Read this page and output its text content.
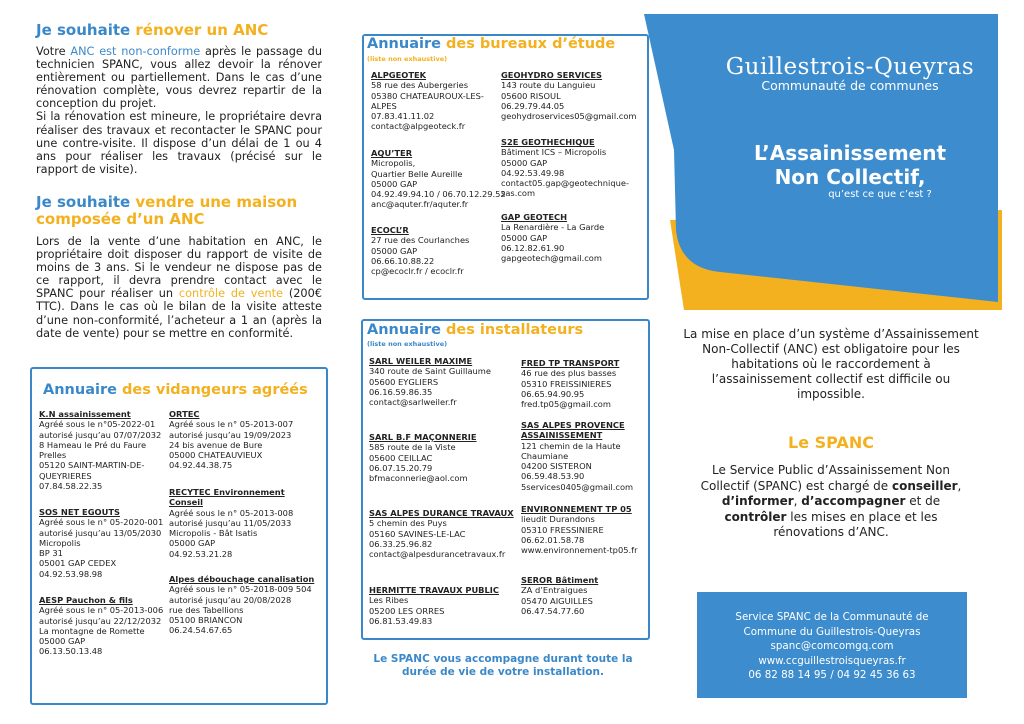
Je souhaite rénover un ANC

Votre ANC est non-conforme après le passage du technicien SPANC, vous allez devoir la rénover entièrement ou partiellement. Dans le cas d’une rénovation complète, vous devrez repartir de la conception du projet.

Si la rénovation est mineure, le propriétaire devra réaliser des travaux et recontacter le SPANC pour une contre-visite. Il dispose d’un délai de 1 ou 4 ans pour réaliser les travaux (précisé sur le rapport de visite).

Je souhaite vendre une maison composée d’un ANC

Lors de la vente d’une habitation en ANC, le propriétaire doit disposer du rapport de visite de moins de 3 ans. Si le vendeur ne dispose pas de ce rapport, il devra prendre contact avec le SPANC pour réaliser un contrôle de vente (200€ TTC). Dans le cas où le bilan de la visite atteste d’une non-conformité, l’acheteur a 1 an (après la date de vente) pour se mettre en conformité.

Annuaire des vidangeurs agréés
K.N assainissement
Agréé sous le n°05-2022-01
autorisé jusqu’au 07/07/2032
8 Hameau le Pré du Faure
Prelles
05120 SAINT-MARTIN-DE-
QUEYRIERES
07.84.58.22.35
SOS NET EGOUTS
Agréé sous le n° 05-2020-001
autorisé jusqu’au 13/05/2030
Micropolis
BP 31
05001 GAP CEDEX
04.92.53.98.98
AESP Pauchon & fils
Agréé sous le n° 05-2013-006
autorisé jusqu’au 22/12/2032
La montagne de Romette
05000 GAP
06.13.50.13.48
ORTEC
Agréé sous le n° 05-2013-007
autorisé jusqu’au 19/09/2023
24 bis avenue de Bure
05000 CHATEAUVIEUX
04.92.44.38.75
RECYTEC Environnement Conseil
Agréé sous le n° 05-2013-008
autorisé jusqu’au 11/05/2033
Micropolis - Bât Isatis
05000 GAP
04.92.53.21.28
Alpes débouchage canalisation
Agréé sous le n° 05-2018-009 504
autorisé jusqu’au 20/08/2028
rue des Tabellions
05100 BRIANCON
06.24.54.67.65
Annuaire des bureaux d’étude
(liste non exhaustive)
ALPGEOTEK
58 rue des Aubergeries
05380 CHATEAUROUX-LES-
ALPES
07.83.41.11.02
contact@alpgeoteck.fr
AQU’TER
Micropolis,
Quartier Belle Aureille
05000 GAP
04.92.49.94.10 / 06.70.12.29.52
anc@aquter.fr/aquter.fr
ECOCL’R
27 rue des Courlanches
05000 GAP
06.66.10.88.22
cp@ecoclr.fr / ecoclr.fr
GEOHYDRO SERVICES
143 route du Languieu
05600 RISOUL
06.29.79.44.05
geohydroservices05@gmail.com
S2E GEOTHECHIQUE
Bâtiment ICS – Micropolis
05000 GAP
04.92.53.49.98
contact05.gap@geotechnique-
sas.com
GAP GEOTECH
La Renardière - La Garde
05000 GAP
06.12.82.61.90
gapgeotech@gmail.com
Annuaire des installateurs
(liste non exhaustive)
SARL WEILER MAXIME
340 route de Saint Guillaume
05600 EYGLIERS
06.16.59.86.35
contact@sarlweiler.fr
SARL B.F MAÇONNERIE
585 route de la Viste
05600 CEILLAC
06.07.15.20.79
bfmaconnerie@aol.com
SAS ALPES DURANCE TRAVAUX
5 chemin des Puys
05160 SAVINES-LE-LAC
06.33.25.96.82
contact@alpesdurancetravaux.fr
HERMITTE TRAVAUX PUBLIC
Les Ribes
05200 LES ORRES
06.81.53.49.83
FRED TP TRANSPORT
46 rue des plus basses
05310 FREISSINIERES
06.65.94.90.95
fred.tp05@gmail.com
SAS ALPES PROVENCE ASSAINISSEMENT
121 chemin de la Haute
Chaumiane
04200 SISTERON
06.59.48.53.90
5services0405@gmail.com
ENVIRONNEMENT TP 05
lieudit Durandons
05310 FRESSINIERE
06.62.01.58.78
www.environnement-tp05.fr
SEROR Bâtiment
ZA d’Entraigues
05470 AIGUILLES
06.47.54.77.60
Le SPANC vous accompagne durant toute la durée de vie de votre installation.
Guillestrois-Queyras
Communauté de communes
L’Assainissement
Non Collectif,
qu’est ce que c’est ?
La mise en place d’un système d’Assainissement Non-Collectif (ANC) est obligatoire pour les habitations où le raccordement à l’assainissement collectif est difficile ou impossible.
Le SPANC
Le Service Public d’Assainissement Non Collectif (SPANC) est chargé de conseiller, d’informer, d’accompagner et de contrôler les mises en place et les rénovations d’ANC.
Service SPANC de la Communauté de
Commune du Guillestrois-Queyras
spanc@comcomgq.com
www.ccguillestroisqueyras.fr
06 82 88 14 95 / 04 92 45 36 63
